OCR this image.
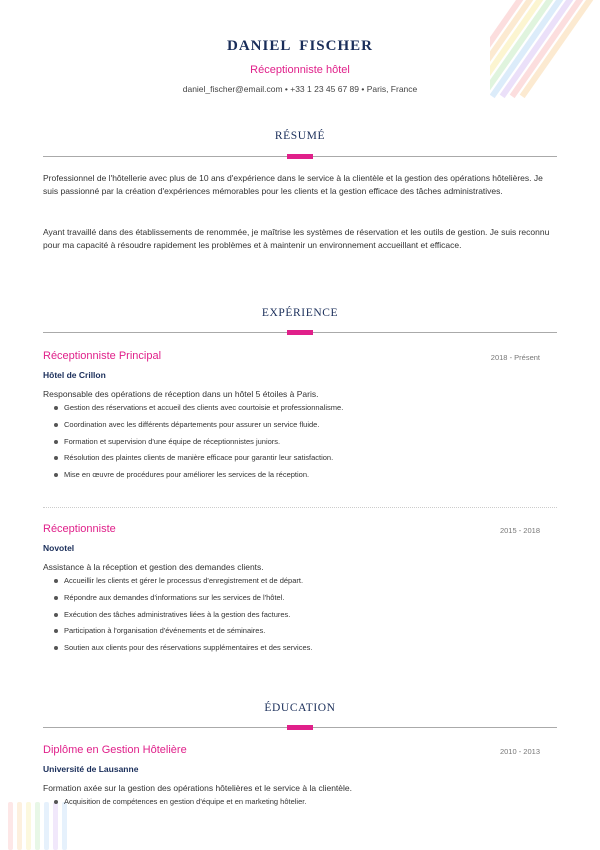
DANIEL FISCHER
Réceptionniste hôtel
daniel_fischer@email.com • +33 1 23 45 67 89 • Paris, France
RÉSUMÉ
Professionnel de l'hôtellerie avec plus de 10 ans d'expérience dans le service à la clientèle et la gestion des opérations hôtelières. Je suis passionné par la création d'expériences mémorables pour les clients et la gestion efficace des tâches administratives.
Ayant travaillé dans des établissements de renommée, je maîtrise les systèmes de réservation et les outils de gestion. Je suis reconnu pour ma capacité à résoudre rapidement les problèmes et à maintenir un environnement accueillant et efficace.
EXPÉRIENCE
Réceptionniste Principal	2018 - Présent
Hôtel de Crillon
Responsable des opérations de réception dans un hôtel 5 étoiles à Paris.
Gestion des réservations et accueil des clients avec courtoisie et professionnalisme.
Coordination avec les différents départements pour assurer un service fluide.
Formation et supervision d'une équipe de réceptionnistes juniors.
Résolution des plaintes clients de manière efficace pour garantir leur satisfaction.
Mise en œuvre de procédures pour améliorer les services de la réception.
Réceptionniste	2015 - 2018
Novotel
Assistance à la réception et gestion des demandes clients.
Accueillir les clients et gérer le processus d'enregistrement et de départ.
Répondre aux demandes d'informations sur les services de l'hôtel.
Exécution des tâches administratives liées à la gestion des factures.
Participation à l'organisation d'événements et de séminaires.
Soutien aux clients pour des réservations supplémentaires et des services.
ÉDUCATION
Diplôme en Gestion Hôtelière	2010 - 2013
Université de Lausanne
Formation axée sur la gestion des opérations hôtelières et le service à la clientèle.
Acquisition de compétences en gestion d'équipe et en marketing hôtelier.
